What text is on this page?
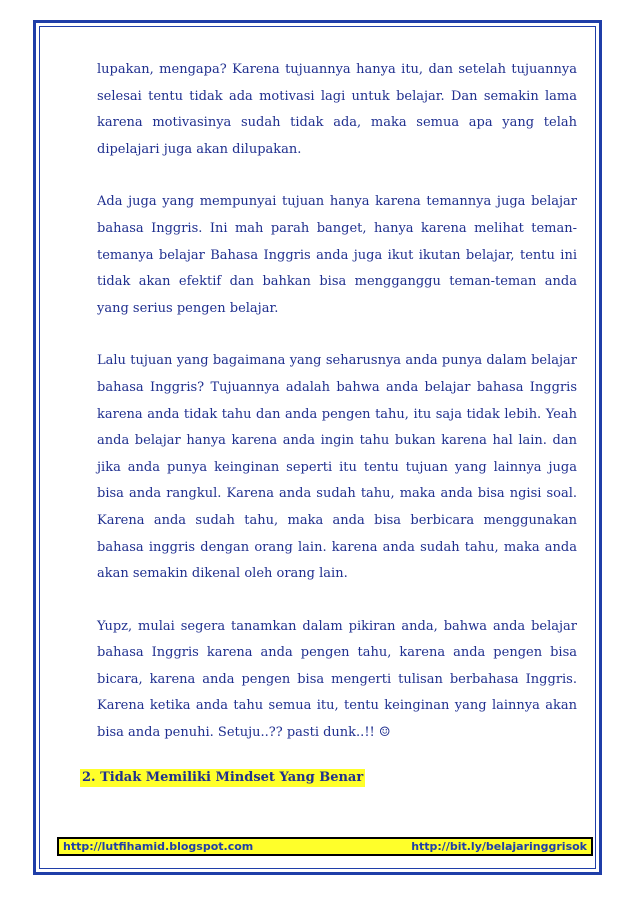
lupakan, mengapa? Karena tujuannya hanya itu, dan setelah tujuannya selesai tentu tidak ada motivasi lagi untuk belajar. Dan semakin lama karena motivasinya sudah tidak ada, maka semua apa yang telah dipelajari juga akan dilupakan.

Ada juga yang mempunyai tujuan hanya karena temannya juga belajar bahasa Inggris. Ini mah parah banget, hanya karena melihat teman-temanya belajar Bahasa Inggris anda juga ikut ikutan belajar, tentu ini tidak akan efektif dan bahkan bisa mengganggu teman-teman anda yang serius pengen belajar.

Lalu tujuan yang bagaimana yang seharusnya anda punya dalam belajar bahasa Inggris? Tujuannya adalah bahwa anda belajar bahasa Inggris karena anda tidak tahu dan anda pengen tahu, itu saja tidak lebih. Yeah anda belajar hanya karena anda ingin tahu bukan karena hal lain. dan jika anda punya keinginan seperti itu tentu tujuan yang lainnya juga bisa anda rangkul. Karena anda sudah tahu, maka anda bisa ngisi soal. Karena anda sudah tahu, maka anda bisa berbicara menggunakan bahasa inggris dengan orang lain. karena anda sudah tahu, maka anda akan semakin dikenal oleh orang lain.

Yupz, mulai segera tanamkan dalam pikiran anda, bahwa anda belajar bahasa Inggris karena anda pengen tahu, karena anda pengen bisa bicara, karena anda pengen bisa mengerti tulisan berbahasa Inggris. Karena ketika anda tahu semua itu, tentu keinginan yang lainnya akan bisa anda penuhi. Setuju..?? pasti dunk..!! ☺

2. Tidak Memiliki Mindset Yang Benar
http://lutfihamid.blogspot.com	http://bit.ly/belajaringgrisok
